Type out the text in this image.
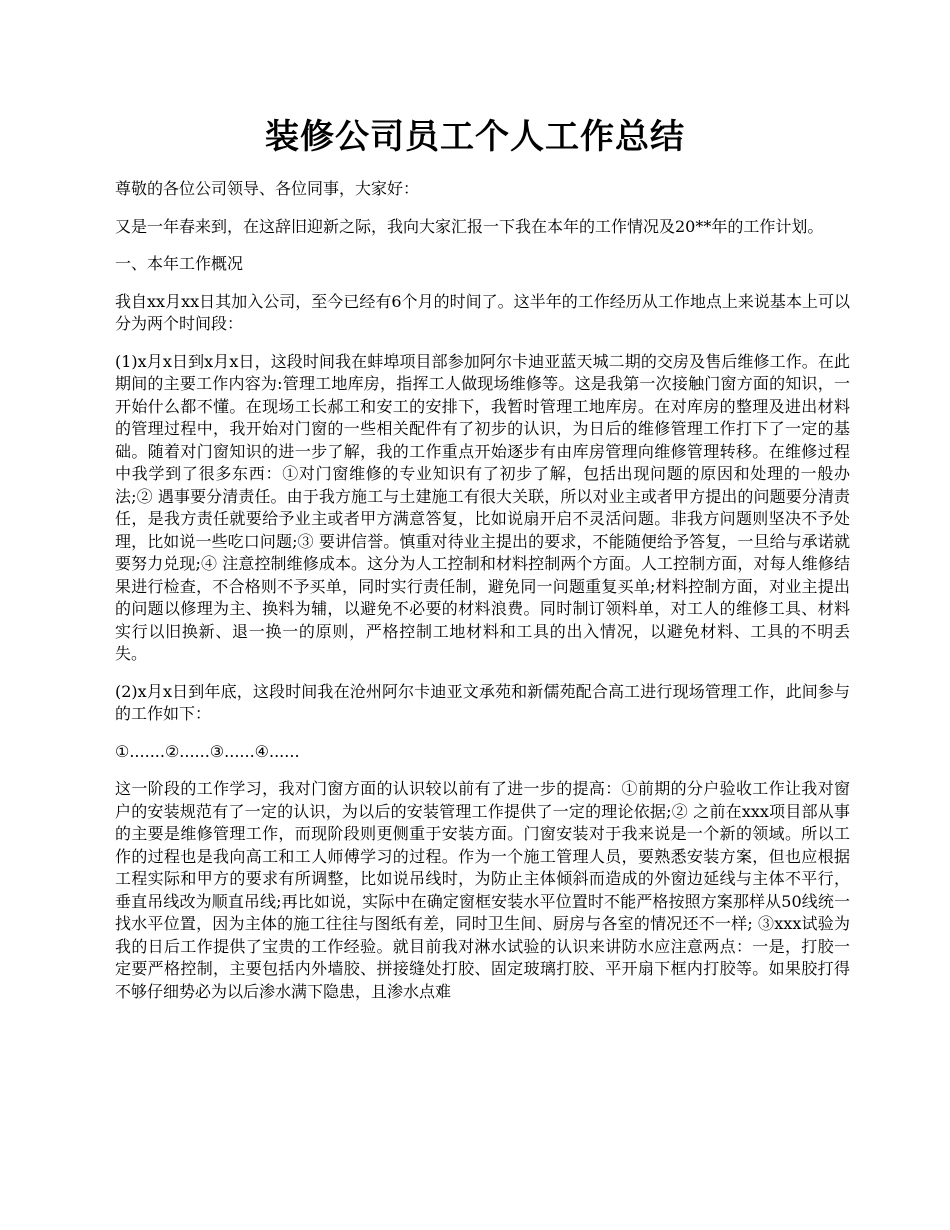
装修公司员工个人工作总结

尊敬的各位公司领导、各位同事，大家好：

又是一年春来到，在这辞旧迎新之际，我向大家汇报一下我在本年的工作情况及20**年的工作计划。

一、本年工作概况

我自xx月xx日其加入公司，至今已经有6个月的时间了。这半年的工作经历从工作地点上来说基本上可以分为两个时间段：

(1)x月x日到x月x日，这段时间我在蚌埠项目部参加阿尔卡迪亚蓝天城二期的交房及售后维修工作。在此期间的主要工作内容为:管理工地库房，指挥工人做现场维修等。这是我第一次接触门窗方面的知识，一开始什么都不懂。在现场工长郝工和安工的安排下，我暂时管理工地库房。在对库房的整理及进出材料的管理过程中，我开始对门窗的一些相关配件有了初步的认识，为日后的维修管理工作打下了一定的基础。随着对门窗知识的进一步了解，我的工作重点开始逐步有由库房管理向维修管理转移。在维修过程中我学到了很多东西：①对门窗维修的专业知识有了初步了解，包括出现问题的原因和处理的一般办法;② 遇事要分清责任。由于我方施工与土建施工有很大关联，所以对业主或者甲方提出的问题要分清责任，是我方责任就要给予业主或者甲方满意答复，比如说扇开启不灵活问题。非我方问题则坚决不予处理，比如说一些吃口问题;③ 要讲信誉。慎重对待业主提出的要求，不能随便给予答复，一旦给与承诺就要努力兑现;④ 注意控制维修成本。这分为人工控制和材料控制两个方面。人工控制方面，对每人维修结果进行检查，不合格则不予买单，同时实行责任制，避免同一问题重复买单;材料控制方面，对业主提出的问题以修理为主、换料为辅，以避免不必要的材料浪费。同时制订领料单，对工人的维修工具、材料实行以旧换新、退一换一的原则，严格控制工地材料和工具的出入情况，以避免材料、工具的不明丢失。

(2)x月x日到年底，这段时间我在沧州阿尔卡迪亚文承苑和新儒苑配合高工进行现场管理工作，此间参与的工作如下：

①.......②......③......④......

这一阶段的工作学习，我对门窗方面的认识较以前有了进一步的提高：①前期的分户验收工作让我对窗户的安装规范有了一定的认识，为以后的安装管理工作提供了一定的理论依据;② 之前在xxx项目部从事的主要是维修管理工作，而现阶段则更侧重于安装方面。门窗安装对于我来说是一个新的领域。所以工作的过程也是我向高工和工人师傅学习的过程。作为一个施工管理人员，要熟悉安装方案，但也应根据工程实际和甲方的要求有所调整，比如说吊线时，为防止主体倾斜而造成的外窗边延线与主体不平行，垂直吊线改为顺直吊线;再比如说，实际中在确定窗框安装水平位置时不能严格按照方案那样从50线统一找水平位置，因为主体的施工往往与图纸有差，同时卫生间、厨房与各室的情况还不一样; ③xxx试验为我的日后工作提供了宝贵的工作经验。就目前我对淋水试验的认识来讲防水应注意两点：一是，打胶一定要严格控制，主要包括内外墙胶、拼接缝处打胶、固定玻璃打胶、平开扇下框内打胶等。如果胶打得不够仔细势必为以后渗水满下隐患，且渗水点难
